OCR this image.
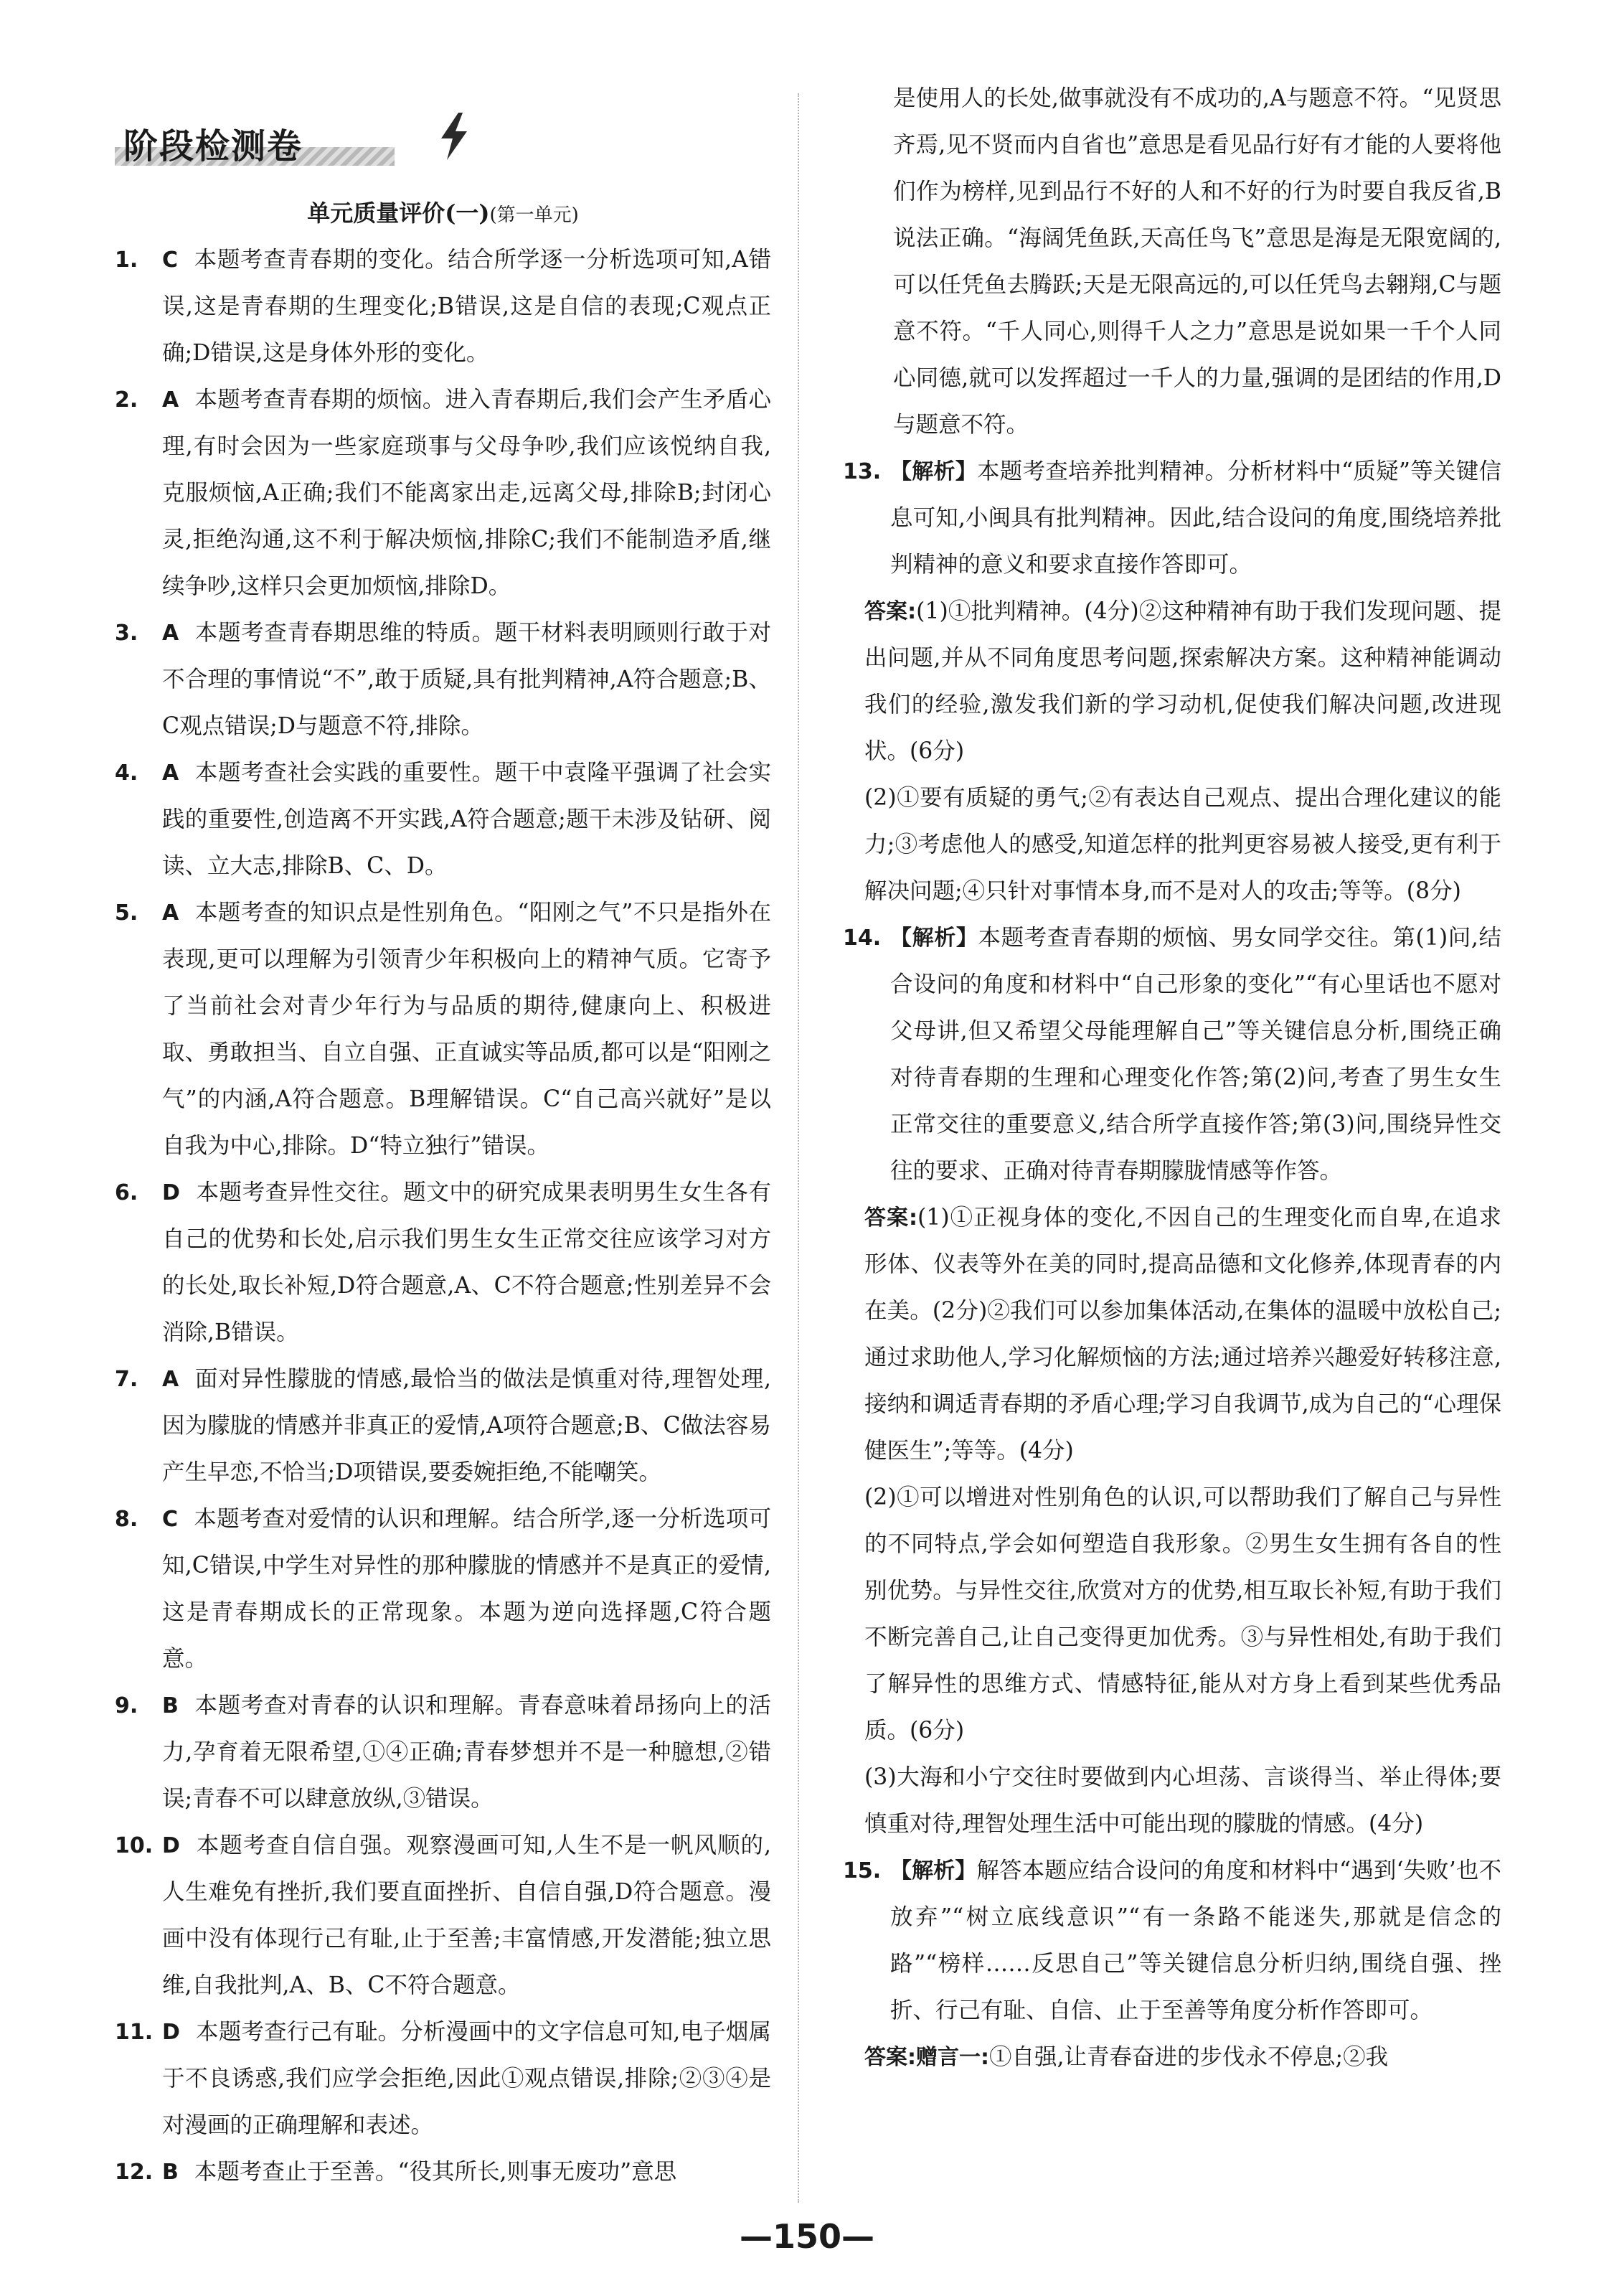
阶段检测卷
单元质量评价(一)(第一单元)
1. C 本题考查青春期的变化。结合所学逐一分析选项可知,A错误,这是青春期的生理变化;B错误,这是自信的表现;C观点正确;D错误,这是身体外形的变化。
2. A 本题考查青春期的烦恼。进入青春期后,我们会产生矛盾心理,有时会因为一些家庭琐事与父母争吵,我们应该悦纳自我,克服烦恼,A正确;我们不能离家出走,远离父母,排除B;封闭心灵,拒绝沟通,这不利于解决烦恼,排除C;我们不能制造矛盾,继续争吵,这样只会更加烦恼,排除D。
3. A 本题考查青春期思维的特质。题干材料表明顾则行敢于对不合理的事情说“不”,敢于质疑,具有批判精神,A符合题意;B、C观点错误;D与题意不符,排除。
4. A 本题考查社会实践的重要性。题干中袁隆平强调了社会实践的重要性,创造离不开实践,A符合题意;题干未涉及钻研、阅读、立大志,排除B、C、D。
5. A 本题考查的知识点是性别角色。“阳刚之气”不只是指外在表现,更可以理解为引领青少年积极向上的精神气质。它寄予了当前社会对青少年行为与品质的期待,健康向上、积极进取、勇敢担当、自立自强、正直诚实等品质,都可以是“阳刚之气”的内涵,A符合题意。B理解错误。C“自己高兴就好”是以自我为中心,排除。D“特立独行”错误。
6. D 本题考查异性交往。题文中的研究成果表明男生女生各有自己的优势和长处,启示我们男生女生正常交往应该学习对方的长处,取长补短,D符合题意,A、C不符合题意;性别差异不会消除,B错误。
7. A 面对异性朦胧的情感,最恰当的做法是慎重对待,理智处理,因为朦胧的情感并非真正的爱情,A项符合题意;B、C做法容易产生早恋,不恰当;D项错误,要委婉拒绝,不能嘲笑。
8. C 本题考查对爱情的认识和理解。结合所学,逐一分析选项可知,C错误,中学生对异性的那种朦胧的情感并不是真正的爱情,这是青春期成长的正常现象。本题为逆向选择题,C符合题意。
9. B 本题考查对青春的认识和理解。青春意味着昂扬向上的活力,孕育着无限希望,①④正确;青春梦想并不是一种臆想,②错误;青春不可以肆意放纵,③错误。
10. D 本题考查自信自强。观察漫画可知,人生不是一帆风顺的,人生难免有挫折,我们要直面挫折、自信自强,D符合题意。漫画中没有体现行己有耻,止于至善;丰富情感,开发潜能;独立思维,自我批判,A、B、C不符合题意。
11. D 本题考查行己有耻。分析漫画中的文字信息可知,电子烟属于不良诱惑,我们应学会拒绝,因此①观点错误,排除;②③④是对漫画的正确理解和表述。
12. B 本题考查止于至善。“役其所长,则事无废功”意思
是使用人的长处,做事就没有不成功的,A与题意不符。“见贤思齐焉,见不贤而内自省也”意思是看见品行好有才能的人要将他们作为榜样,见到品行不好的人和不好的行为时要自我反省,B说法正确。“海阔凭鱼跃,天高任鸟飞”意思是海是无限宽阔的,可以任凭鱼去腾跃;天是无限高远的,可以任凭鸟去翱翔,C与题意不符。“千人同心,则得千人之力”意思是说如果一千个人同心同德,就可以发挥超过一千人的力量,强调的是团结的作用,D与题意不符。
13. 【解析】本题考查培养批判精神。分析材料中“质疑”等关键信息可知,小闽具有批判精神。因此,结合设问的角度,围绕培养批判精神的意义和要求直接作答即可。
答案:(1)①批判精神。(4分)②这种精神有助于我们发现问题、提出问题,并从不同角度思考问题,探索解决方案。这种精神能调动我们的经验,激发我们新的学习动机,促使我们解决问题,改进现状。(6分)
(2)①要有质疑的勇气;②有表达自己观点、提出合理化建议的能力;③考虑他人的感受,知道怎样的批判更容易被人接受,更有利于解决问题;④只针对事情本身,而不是对人的攻击;等等。(8分)
14. 【解析】本题考查青春期的烦恼、男女同学交往。第(1)问,结合设问的角度和材料中“自己形象的变化”“有心里话也不愿对父母讲,但又希望父母能理解自己”等关键信息分析,围绕正确对待青春期的生理和心理变化作答;第(2)问,考查了男生女生正常交往的重要意义,结合所学直接作答;第(3)问,围绕异性交往的要求、正确对待青春期朦胧情感等作答。
答案:(1)①正视身体的变化,不因自己的生理变化而自卑,在追求形体、仪表等外在美的同时,提高品德和文化修养,体现青春的内在美。(2分)②我们可以参加集体活动,在集体的温暖中放松自己;通过求助他人,学习化解烦恼的方法;通过培养兴趣爱好转移注意,接纳和调适青春期的矛盾心理;学习自我调节,成为自己的“心理保健医生”;等等。(4分)
(2)①可以增进对性别角色的认识,可以帮助我们了解自己与异性的不同特点,学会如何塑造自我形象。②男生女生拥有各自的性别优势。与异性交往,欣赏对方的优势,相互取长补短,有助于我们不断完善自己,让自己变得更加优秀。③与异性相处,有助于我们了解异性的思维方式、情感特征,能从对方身上看到某些优秀品质。(6分)
(3)大海和小宁交往时要做到内心坦荡、言谈得当、举止得体;要慎重对待,理智处理生活中可能出现的朦胧的情感。(4分)
15. 【解析】解答本题应结合设问的角度和材料中“遇到‘失败’也不放弃”“树立底线意识”“有一条路不能迷失,那就是信念的路”“榜样……反思自己”等关键信息分析归纳,围绕自强、挫折、行己有耻、自信、止于至善等角度分析作答即可。
答案:赠言一:①自强,让青春奋进的步伐永不停息;②我
—150—
